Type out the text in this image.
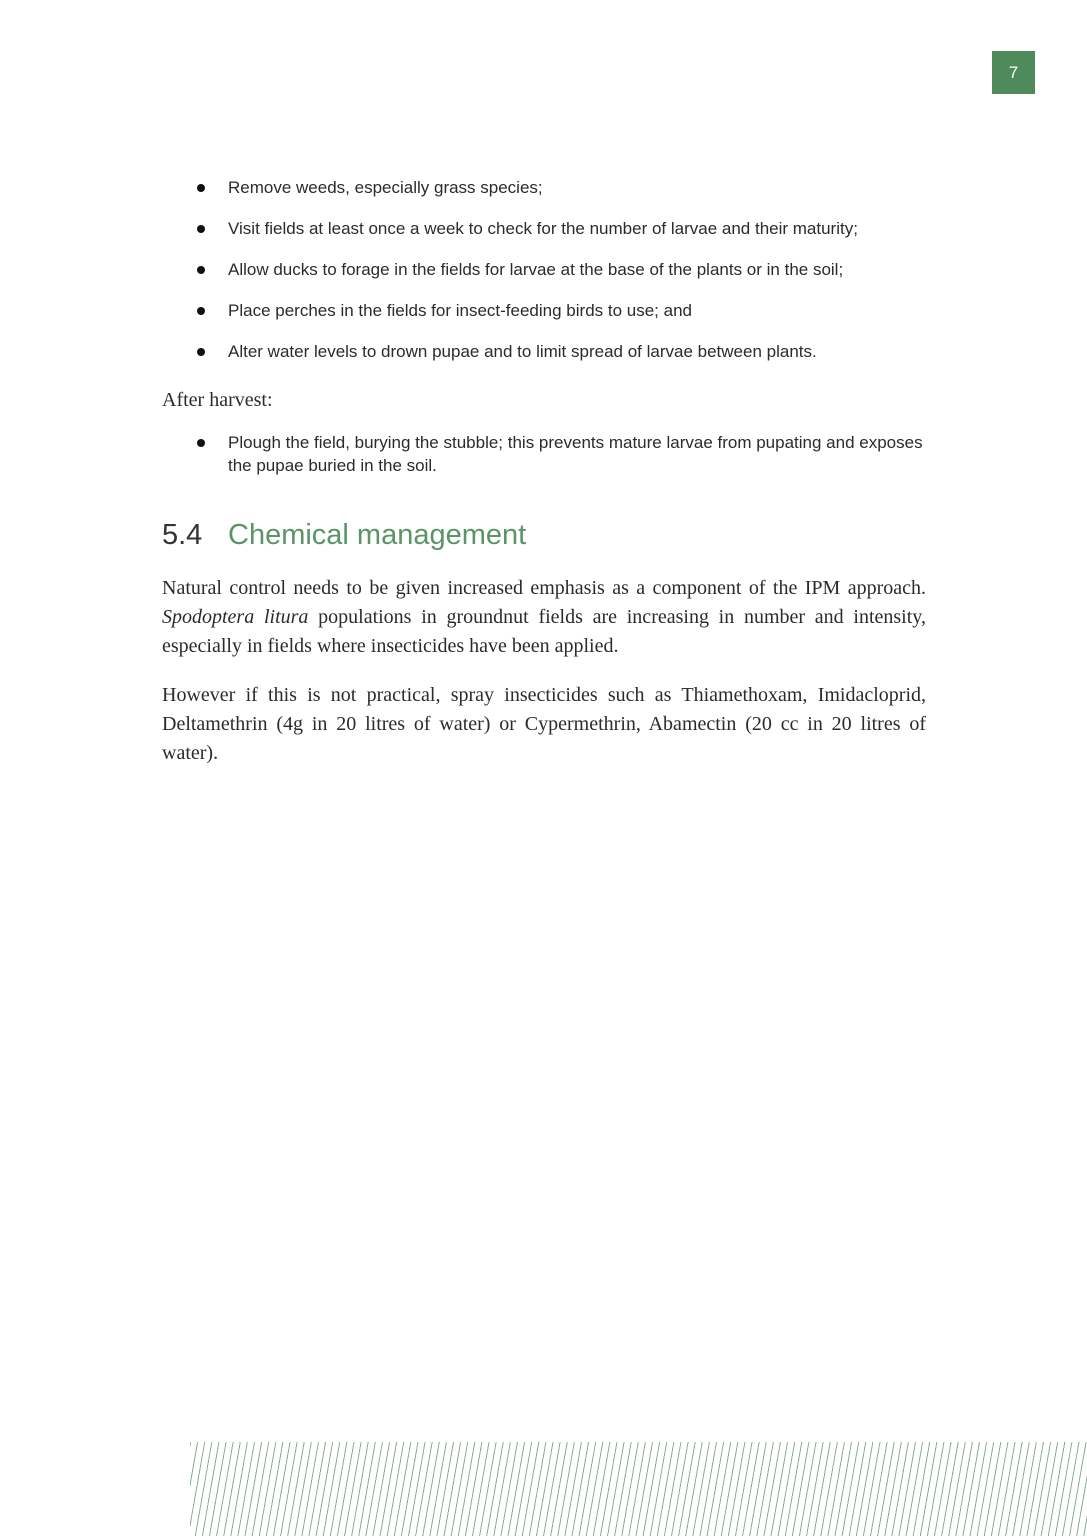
7
Remove weeds, especially grass species;
Visit fields at least once a week to check for the number of larvae and their maturity;
Allow ducks to forage in the fields for larvae at the base of the plants or in the soil;
Place perches in the fields for insect-feeding birds to use; and
Alter water levels to drown pupae and to limit spread of larvae between plants.
After harvest:
Plough the field, burying the stubble; this prevents mature larvae from pupating and exposes the pupae buried in the soil.
5.4 Chemical management

Natural control needs to be given increased emphasis as a component of the IPM approach. Spodoptera litura populations in groundnut fields are increasing in number and intensity, especially in fields where insecticides have been applied.

However if this is not practical, spray insecticides such as Thiamethoxam, Imidacloprid, Deltamethrin (4g in 20 litres of water) or Cypermethrin, Abamectin (20 cc in 20 litres of water).
